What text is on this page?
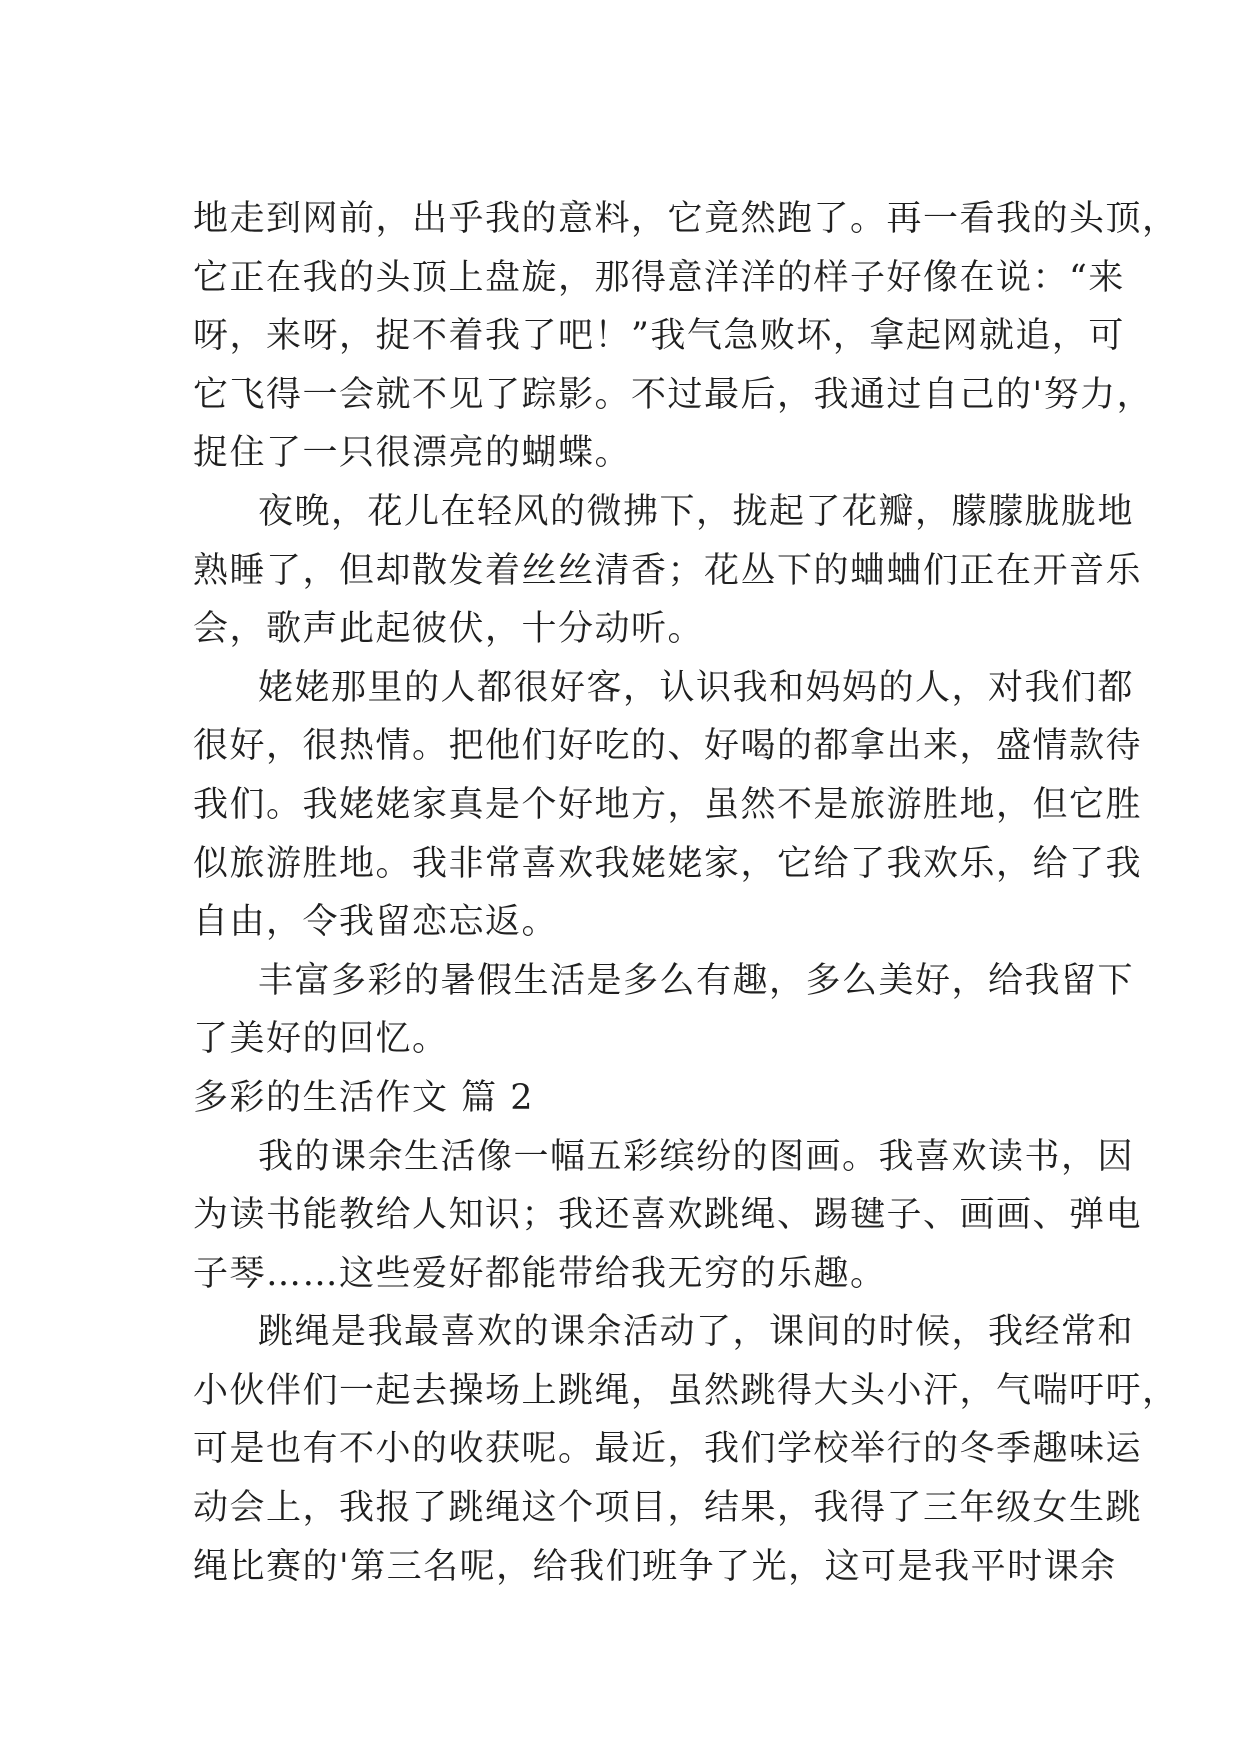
地走到网前，出乎我的意料，它竟然跑了。再一看我的头顶，
它正在我的头顶上盘旋，那得意洋洋的样子好像在说：“来
呀，来呀，捉不着我了吧！”我气急败坏，拿起网就追，可
它飞得一会就不见了踪影。不过最后，我通过自己的'努力，
捉住了一只很漂亮的蝴蝶。
夜晚，花儿在轻风的微拂下，拢起了花瓣，朦朦胧胧地
熟睡了，但却散发着丝丝清香；花丛下的蛐蛐们正在开音乐
会，歌声此起彼伏，十分动听。
姥姥那里的人都很好客，认识我和妈妈的人，对我们都
很好，很热情。把他们好吃的、好喝的都拿出来，盛情款待
我们。我姥姥家真是个好地方，虽然不是旅游胜地，但它胜
似旅游胜地。我非常喜欢我姥姥家，它给了我欢乐，给了我
自由，令我留恋忘返。
丰富多彩的暑假生活是多么有趣，多么美好，给我留下
了美好的回忆。
多彩的生活作文 篇 2
我的课余生活像一幅五彩缤纷的图画。我喜欢读书，因
为读书能教给人知识；我还喜欢跳绳、踢毽子、画画、弹电
子琴……这些爱好都能带给我无穷的乐趣。
跳绳是我最喜欢的课余活动了，课间的时候，我经常和
小伙伴们一起去操场上跳绳，虽然跳得大头小汗，气喘吁吁，
可是也有不小的收获呢。最近，我们学校举行的冬季趣味运
动会上，我报了跳绳这个项目，结果，我得了三年级女生跳
绳比赛的'第三名呢，给我们班争了光，这可是我平时课余
